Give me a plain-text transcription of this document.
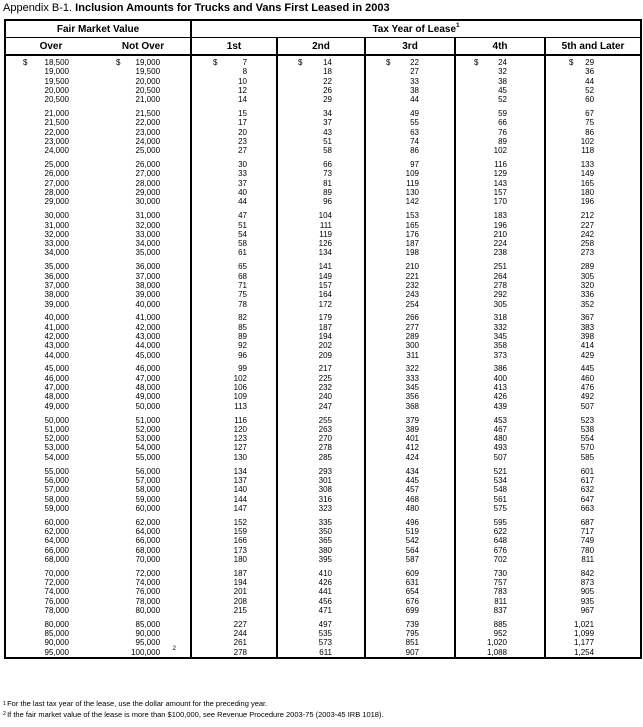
Appendix B-1. Inclusion Amounts for Trucks and Vans First Leased in 2003
Fair Market Value		Tax Year of Lease$^1$
Over	Not Over	1st	2nd	3rd	4th	5th and Later

$ 18,500	$ 19,000	$ 7	$ 14	$ 22	$ 24	$ 29
19,000	19,500	8	18	27	32	36
19,500	20,000	10	22	33	38	44
20,000	20,500	12	26	38	45	52
20,500	21,000	14	29	44	52	60
21,000	21,500	15	34	49	59	67
21,500	22,000	17	37	55	66	75
22,000	23,000	20	43	63	76	86
23,000	24,000	23	51	74	89	102
24,000	25,000	27	58	86	102	118
25,000	26,000	30	66	97	116	133
26,000	27,000	33	73	109	129	149
27,000	28,000	37	81	119	143	165
28,000	29,000	40	89	130	157	180
29,000	30,000	44	96	142	170	196
30,000	31,000	47	104	153	183	212
31,000	32,000	51	111	165	196	227
32,000	33,000	54	119	176	210	242
33,000	34,000	58	126	187	224	258
34,000	35,000	61	134	198	238	273
35,000	36,000	65	141	210	251	289
36,000	37,000	68	149	221	264	305
37,000	38,000	71	157	232	278	320
38,000	39,000	75	164	243	292	336
39,000	40,000	78	172	254	305	352
40,000	41,000	82	179	266	318	367
41,000	42,000	85	187	277	332	383
42,000	43,000	89	194	289	345	398
43,000	44,000	92	202	300	358	414
44,000	45,000	96	209	311	373	429
45,000	46,000	99	217	322	386	445
46,000	47,000	102	225	333	400	460
47,000	48,000	106	232	345	413	476
48,000	49,000	109	240	356	426	492
49,000	50,000	113	247	368	439	507
50,000	51,000	116	255	379	453	523
51,000	52,000	120	263	389	467	538
52,000	53,000	123	270	401	480	554
53,000	54,000	127	278	412	493	570
54,000	55,000	130	285	424	507	585
55,000	56,000	134	293	434	521	601
56,000	57,000	137	301	445	534	617
57,000	58,000	140	308	457	548	632
58,000	59,000	144	316	468	561	647
59,000	60,000	147	323	480	575	663
60,000	62,000	152	335	496	595	687
62,000	64,000	159	350	519	622	717
64,000	66,000	166	365	542	648	749
66,000	68,000	173	380	564	676	780
68,000	70,000	180	395	587	702	811
70,000	72,000	187	410	609	730	842
72,000	74,000	194	426	631	757	873
74,000	76,000	201	441	654	783	905
76,000	78,000	208	456	676	811	935
78,000	80,000	215	471	699	837	967
80,000	85,000	227	497	739	885	1,021
85,000	90,000	244	535	795	952	1,099
90,000	95,000	261	573	851	1,020	1,177
95,000	100,000 2	278	611	907	1,088	1,254
$^1$For the last tax year of the lease, use the dollar amount for the preceding year.
$^2$If the fair market value of the lease is more than $100,000, see Revenue Procedure 2003-75 (2003-45 IRB 1018).
